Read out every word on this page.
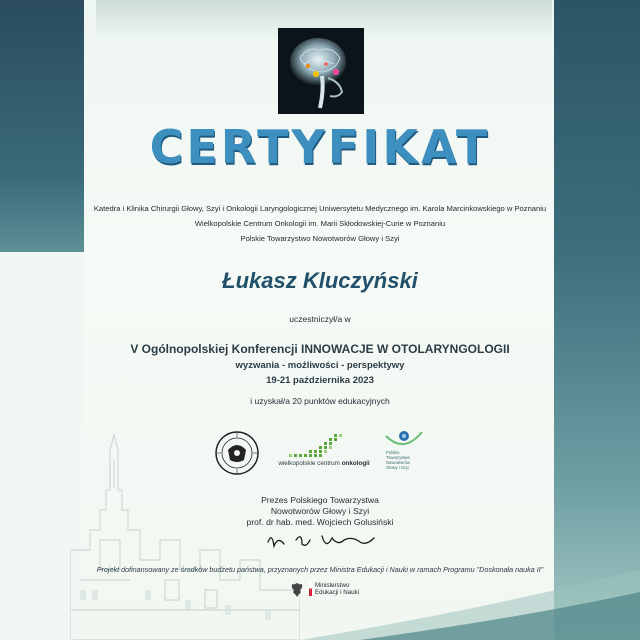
CERTYFIKAT
Katedra i Klinika Chirurgii Głowy, Szyi i Onkologii Laryngologicznej Uniwersytetu Medycznego im. Karola Marcinkowskiego w Poznaniu
Wielkopolskie Centrum Onkologii im. Marii Skłodowskiej-Curie w Poznaniu
Polskie Towarzystwo Nowotworów Głowy i Szyi
Łukasz Kluczyński
uczestniczył/a w
V Ogólnopolskiej Konferencji INNOWACJE W OTOLARYNGOLOGII
wyzwania - możliwości - perspektywy
19-21 października 2023
i uzyskał/a 20 punktów edukacyjnych
wielkopolskie centrum onkologii
Polskie
Towarzystwo
Nowotworów
Głowy i Szyi
Prezes Polskiego Towarzystwa
Nowotworów Głowy i Szyi
prof. dr hab. med. Wojciech Golusiński
Projekt dofinansowany ze środków budżetu państwa, przyznanych przez Ministra Edukacji i Nauki w ramach Programu "Doskonała nauka II"
Ministerstwo
Edukacji i Nauki
